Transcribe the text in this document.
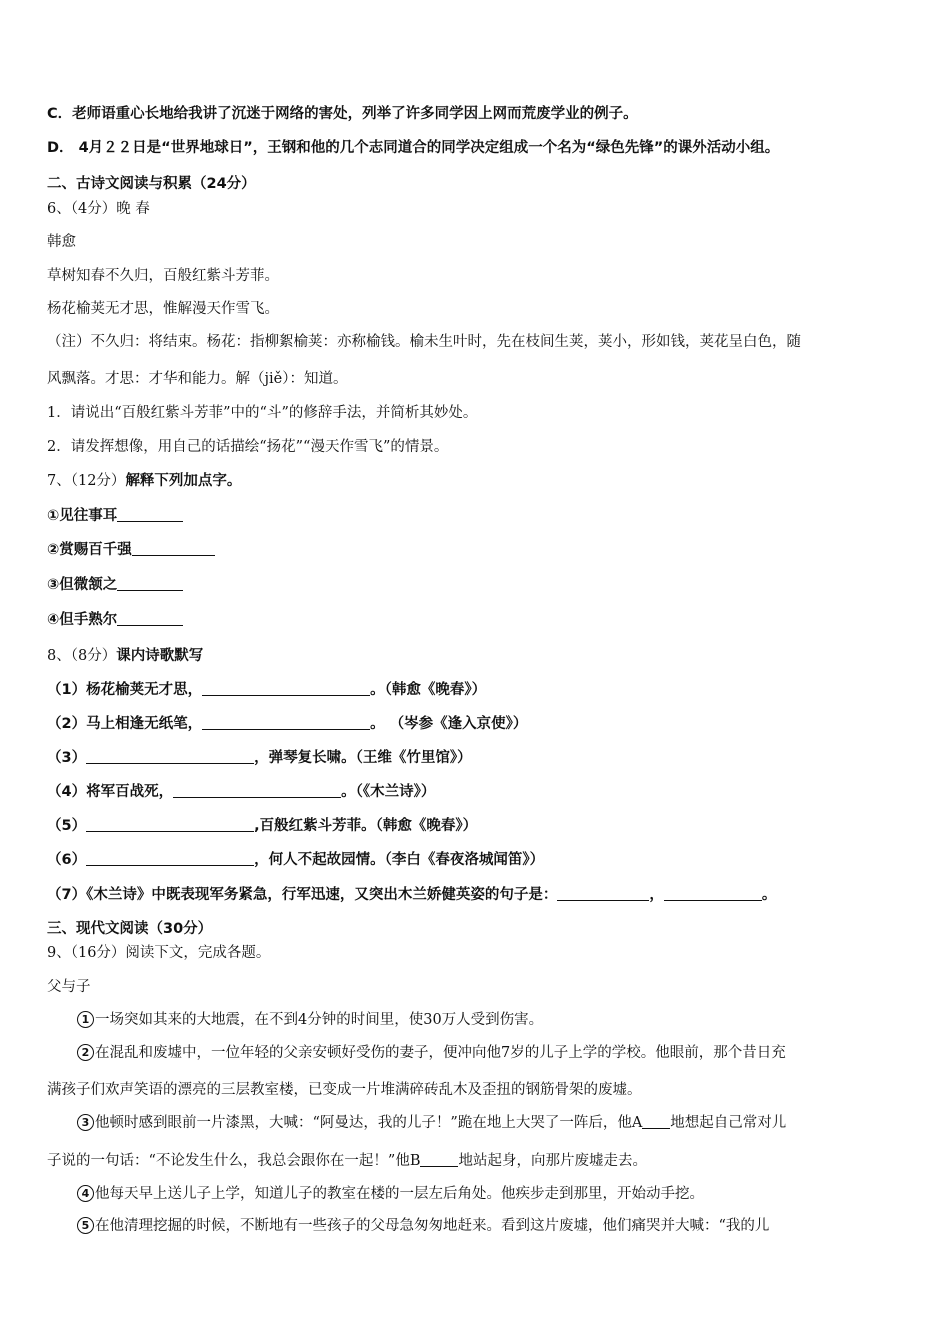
C．老师语重心长地给我讲了沉迷于网络的害处，列举了许多同学因上网而荒废学业的例子。
D． 4月２２日是“世界地球日”，王钢和他的几个志同道合的同学决定组成一个名为“绿色先锋”的课外活动小组。
二、古诗文阅读与积累（24分）
6、（4分）晚 春
韩愈
草树知春不久归，百般红紫斗芳菲。
杨花榆荚无才思，惟解漫天作雪飞。
（注）不久归：将结束。杨花：指柳絮榆荚：亦称榆钱。榆未生叶时，先在枝间生荚，荚小，形如钱，荚花呈白色，随
风飘落。才思：才华和能力。解（jiě）：知道。
1．请说出“百般红紫斗芳菲”中的“斗”的修辞手法，并简析其妙处。
2．请发挥想像，用自己的话描绘“扬花”“漫天作雪飞”的情景。
7、（12分）解释下列加点字。
①见往事耳
②赏赐百千强
③但微颔之
④但手熟尔
8、（8分）课内诗歌默写
（1）杨花榆荚无才思，	。（韩愈《晚春》）
（2）马上相逢无纸笔，	。 （岑参《逢入京使》）
（3）	，弹琴复长啸。（王维《竹里馆》）
（4）将军百战死，	。（《木兰诗》）
（5）	,百般红紫斗芳菲。（韩愈《晚春》）
（6）	，何人不起故园情。（李白《春夜洛城闻笛》）
（7）《木兰诗》中既表现军务紧急，行军迅速，又突出木兰娇健英姿的句子是：	，	。
三、现代文阅读（30分）
9、（16分）阅读下文，完成各题。
父与子
1 一场突如其来的大地震，在不到4分钟的时间里，使30万人受到伤害。
2 在混乱和废墟中，一位年轻的父亲安顿好受伤的妻子，便冲向他7岁的儿子上学的学校。他眼前，那个昔日充
满孩子们欢声笑语的漂亮的三层教室楼，已变成一片堆满碎砖乱木及歪扭的钢筋骨架的废墟。
3 他顿时感到眼前一片漆黑，大喊：“阿曼达，我的儿子！”跪在地上大哭了一阵后，他A 地想起自己常对儿
子说的一句话：“不论发生什么，我总会跟你在一起！”他B	地站起身，向那片废墟走去。
4 他每天早上送儿子上学，知道儿子的教室在楼的一层左后角处。他疾步走到那里，开始动手挖。
5 在他清理挖掘的时候，不断地有一些孩子的父母急匆匆地赶来。看到这片废墟，他们痛哭并大喊：“我的儿
